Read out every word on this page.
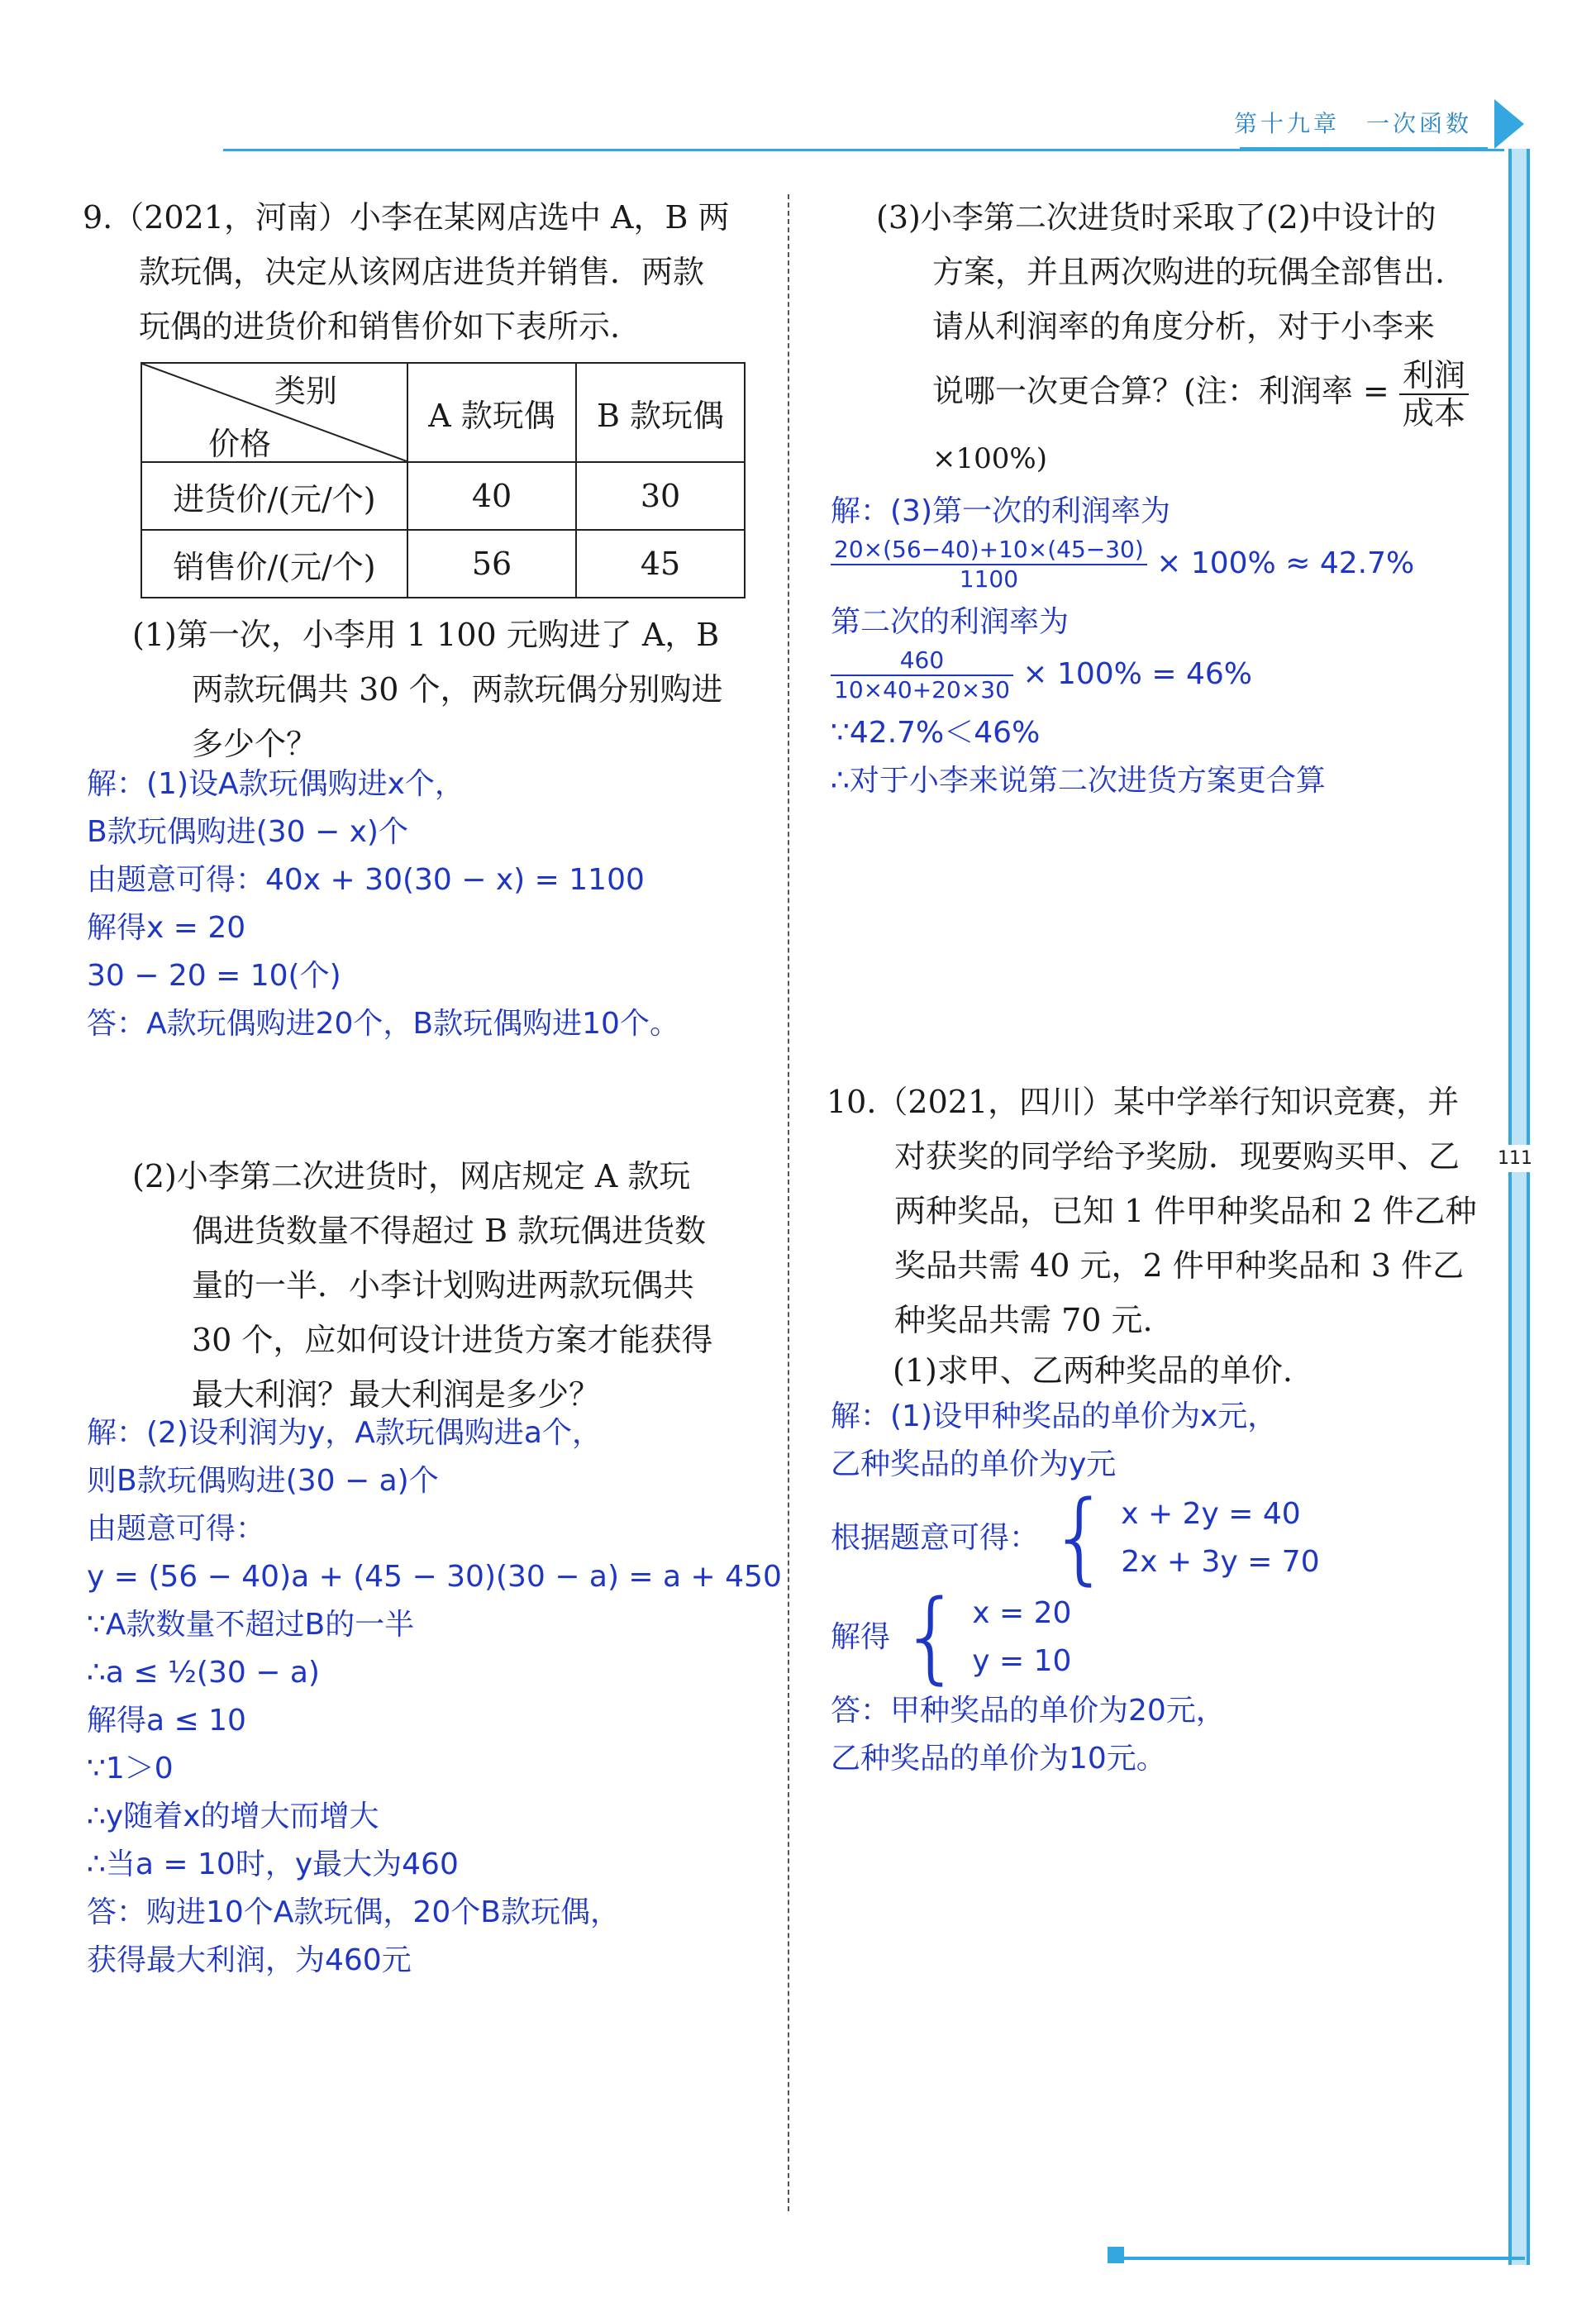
第十九章　一次函数
111
9.（2021，河南）小李在某网店选中 A，B 两
款玩偶，决定从该网店进货并销售．两款
玩偶的进货价和销售价如下表所示.
类别
价格	A 款玩偶	B 款玩偶
进货价/(元/个)	40	30
销售价/(元/个)	56	45
(1)第一次，小李用 1 100 元购进了 A，B
两款玩偶共 30 个，两款玩偶分别购进
多少个？
解：(1)设A款玩偶购进x个，
B款玩偶购进(30 − x)个
由题意可得：40x + 30(30 − x) = 1100
解得x = 20
30 − 20 = 10(个)
答：A款玩偶购进20个，B款玩偶购进10个。
(2)小李第二次进货时，网店规定 A 款玩
偶进货数量不得超过 B 款玩偶进货数
量的一半．小李计划购进两款玩偶共
30 个，应如何设计进货方案才能获得
最大利润？最大利润是多少？
解：(2)设利润为y，A款玩偶购进a个，
则B款玩偶购进(30 − a)个
由题意可得：
y = (56 − 40)a + (45 − 30)(30 − a) = a + 450
∵A款数量不超过B的一半
∴a ≤ ½(30 − a)
解得a ≤ 10
∵1＞0
∴y随着x的增大而增大
∴当a = 10时，y最大为460
答：购进10个A款玩偶，20个B款玩偶，
获得最大利润，为460元
(3)小李第二次进货时采取了(2)中设计的
方案，并且两次购进的玩偶全部售出.
请从利润率的角度分析，对于小李来
说哪一次更合算？(注：利润率 = $\frac{\text{利润}}{\text{成本}}$
×100%)
解：(3)第一次的利润率为
$\frac{20\times(56-40)+10\times(45-30)}{1100} \times 100\% \approx 42.7\%$
第二次的利润率为
$\frac{460}{10\times 40+20\times 30} \times 100\% = 46\%$
∵42.7%＜46%
∴对于小李来说第二次进货方案更合算
10.（2021，四川）某中学举行知识竞赛，并
对获奖的同学给予奖励．现要购买甲、乙
两种奖品，已知 1 件甲种奖品和 2 件乙种
奖品共需 40 元，2 件甲种奖品和 3 件乙
种奖品共需 70 元.
(1)求甲、乙两种奖品的单价.
解：(1)设甲种奖品的单价为x元，
乙种奖品的单价为y元
根据题意可得： { x + 2y = 40
2x + 3y = 70
解得 { x = 20
y = 10
答：甲种奖品的单价为20元，
乙种奖品的单价为10元。
